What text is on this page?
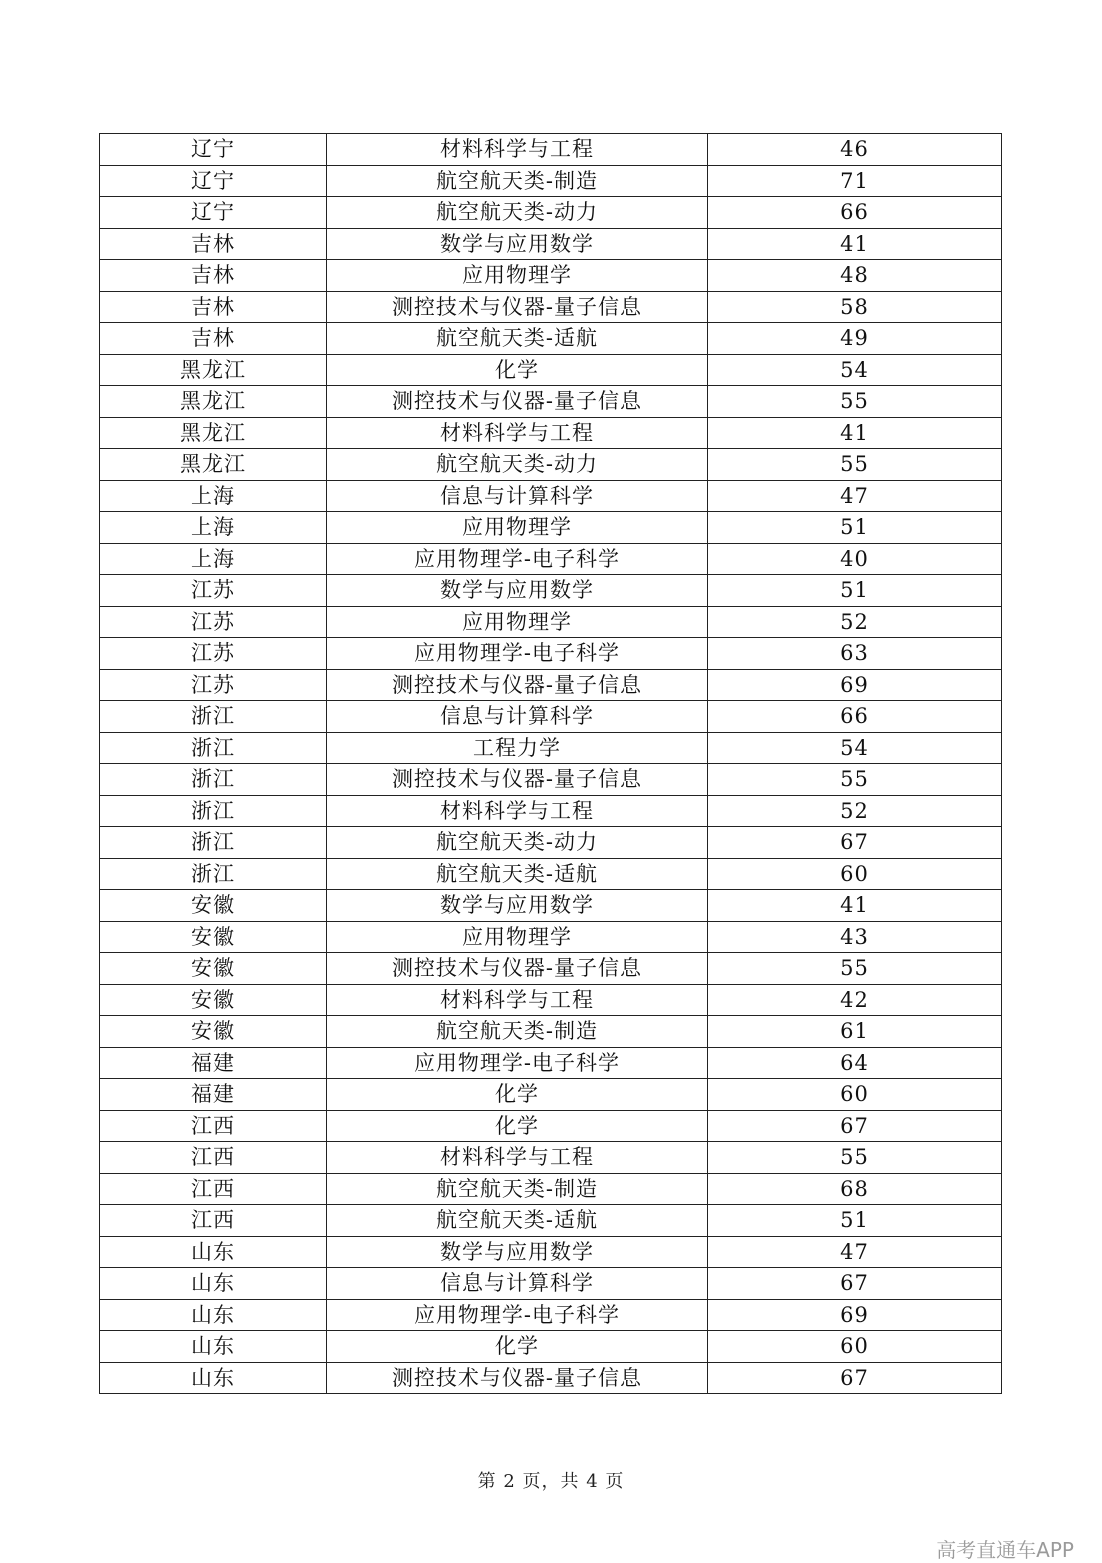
辽宁	材料科学与工程	46
辽宁	航空航天类-制造	71
辽宁	航空航天类-动力	66
吉林	数学与应用数学	41
吉林	应用物理学	48
吉林	测控技术与仪器-量子信息	58
吉林	航空航天类-适航	49
黑龙江	化学	54
黑龙江	测控技术与仪器-量子信息	55
黑龙江	材料科学与工程	41
黑龙江	航空航天类-动力	55
上海	信息与计算科学	47
上海	应用物理学	51
上海	应用物理学-电子科学	40
江苏	数学与应用数学	51
江苏	应用物理学	52
江苏	应用物理学-电子科学	63
江苏	测控技术与仪器-量子信息	69
浙江	信息与计算科学	66
浙江	工程力学	54
浙江	测控技术与仪器-量子信息	55
浙江	材料科学与工程	52
浙江	航空航天类-动力	67
浙江	航空航天类-适航	60
安徽	数学与应用数学	41
安徽	应用物理学	43
安徽	测控技术与仪器-量子信息	55
安徽	材料科学与工程	42
安徽	航空航天类-制造	61
福建	应用物理学-电子科学	64
福建	化学	60
江西	化学	67
江西	材料科学与工程	55
江西	航空航天类-制造	68
江西	航空航天类-适航	51
山东	数学与应用数学	47
山东	信息与计算科学	67
山东	应用物理学-电子科学	69
山东	化学	60
山东	测控技术与仪器-量子信息	67
第 2 页，共 4 页
高考直通车APP
